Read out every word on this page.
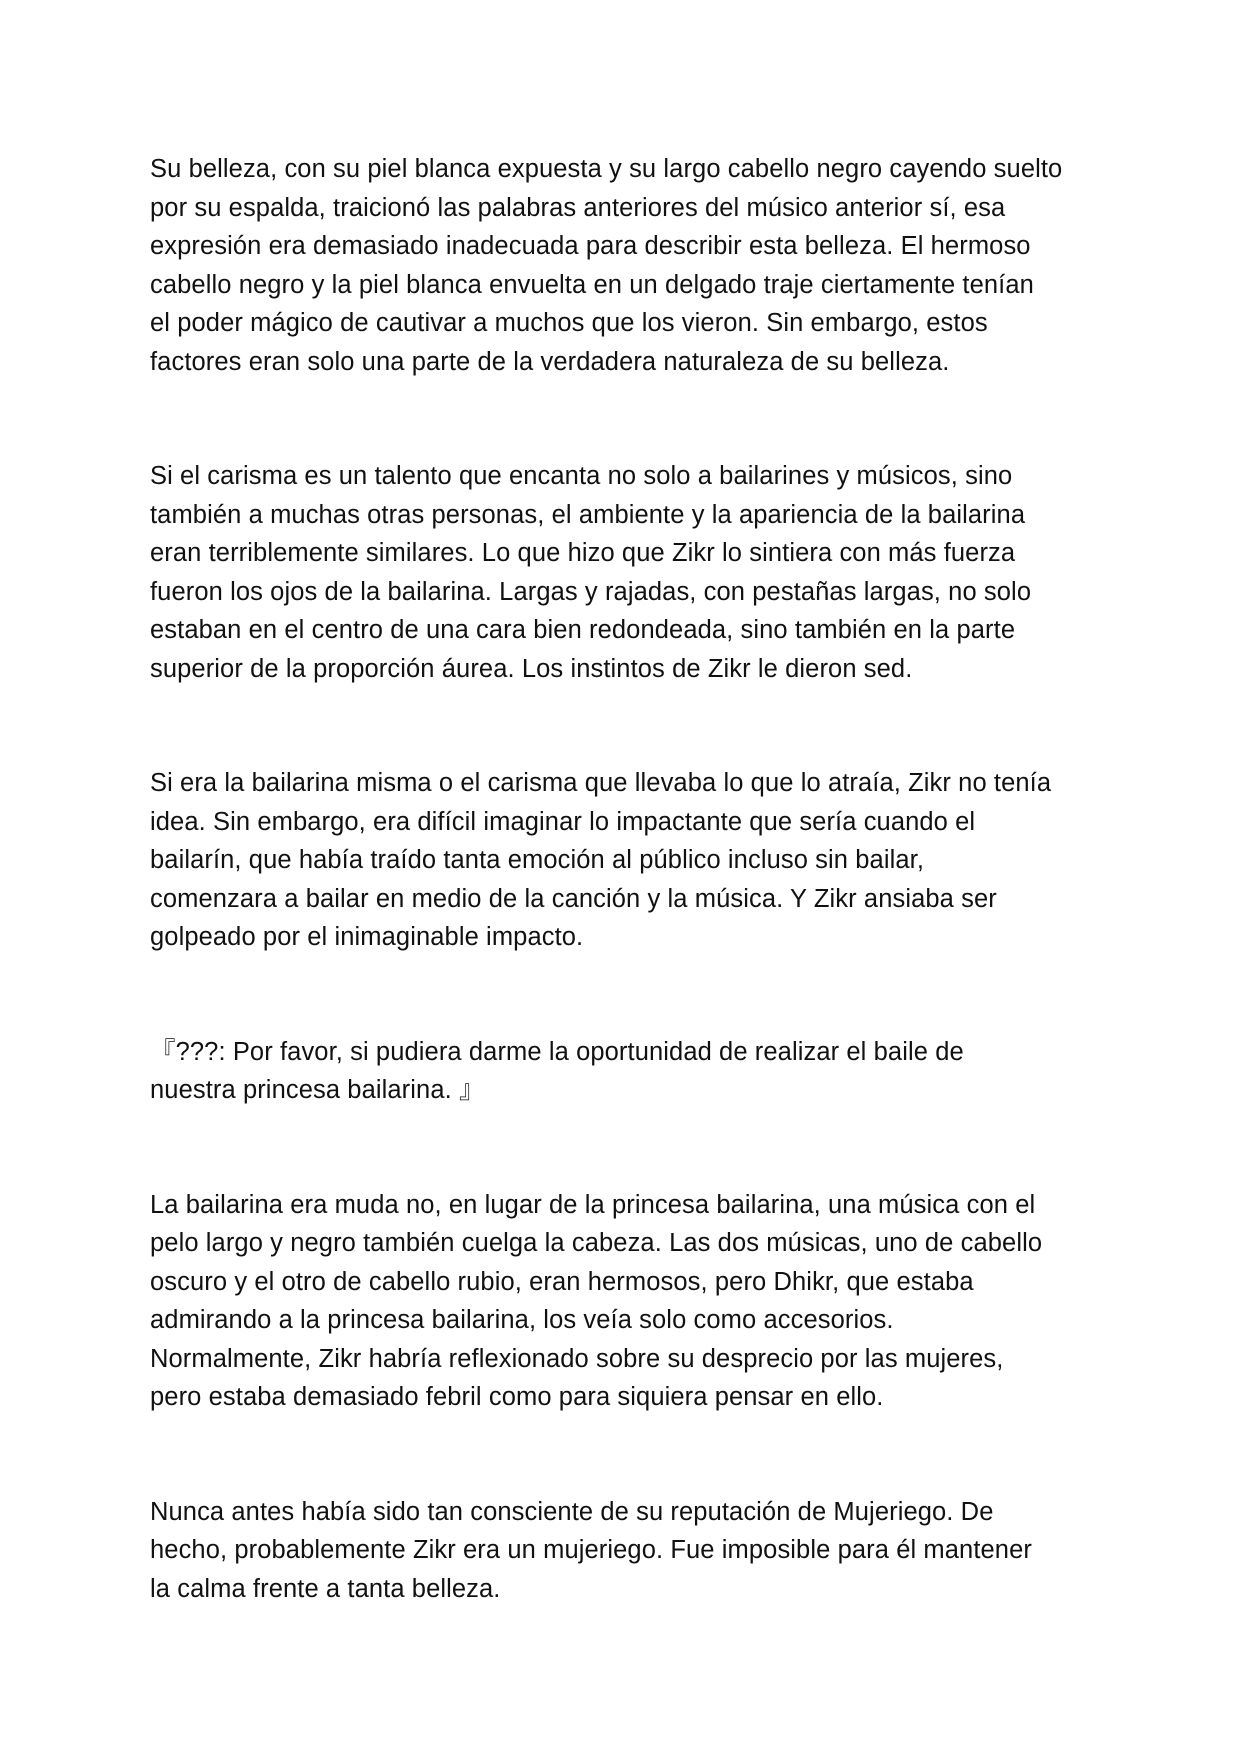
Su belleza, con su piel blanca expuesta y su largo cabello negro cayendo suelto
por su espalda, traicionó las palabras anteriores del músico anterior sí, esa
expresión era demasiado inadecuada para describir esta belleza. El hermoso
cabello negro y la piel blanca envuelta en un delgado traje ciertamente tenían
el poder mágico de cautivar a muchos que los vieron. Sin embargo, estos
factores eran solo una parte de la verdadera naturaleza de su belleza.

Si el carisma es un talento que encanta no solo a bailarines y músicos, sino
también a muchas otras personas, el ambiente y la apariencia de la bailarina
eran terriblemente similares. Lo que hizo que Zikr lo sintiera con más fuerza
fueron los ojos de la bailarina. Largas y rajadas, con pestañas largas, no solo
estaban en el centro de una cara bien redondeada, sino también en la parte
superior de la proporción áurea. Los instintos de Zikr le dieron sed.

Si era la bailarina misma o el carisma que llevaba lo que lo atraía, Zikr no tenía
idea. Sin embargo, era difícil imaginar lo impactante que sería cuando el
bailarín, que había traído tanta emoción al público incluso sin bailar,
comenzara a bailar en medio de la canción y la música. Y Zikr ansiaba ser
golpeado por el inimaginable impacto.

『???: Por favor, si pudiera darme la oportunidad de realizar el baile de
nuestra princesa bailarina. 』

La bailarina era muda no, en lugar de la princesa bailarina, una música con el
pelo largo y negro también cuelga la cabeza. Las dos músicas, uno de cabello
oscuro y el otro de cabello rubio, eran hermosos, pero Dhikr, que estaba
admirando a la princesa bailarina, los veía solo como accesorios.
Normalmente, Zikr habría reflexionado sobre su desprecio por las mujeres,
pero estaba demasiado febril como para siquiera pensar en ello.

Nunca antes había sido tan consciente de su reputación de Mujeriego. De
hecho, probablemente Zikr era un mujeriego. Fue imposible para él mantener
la calma frente a tanta belleza.
